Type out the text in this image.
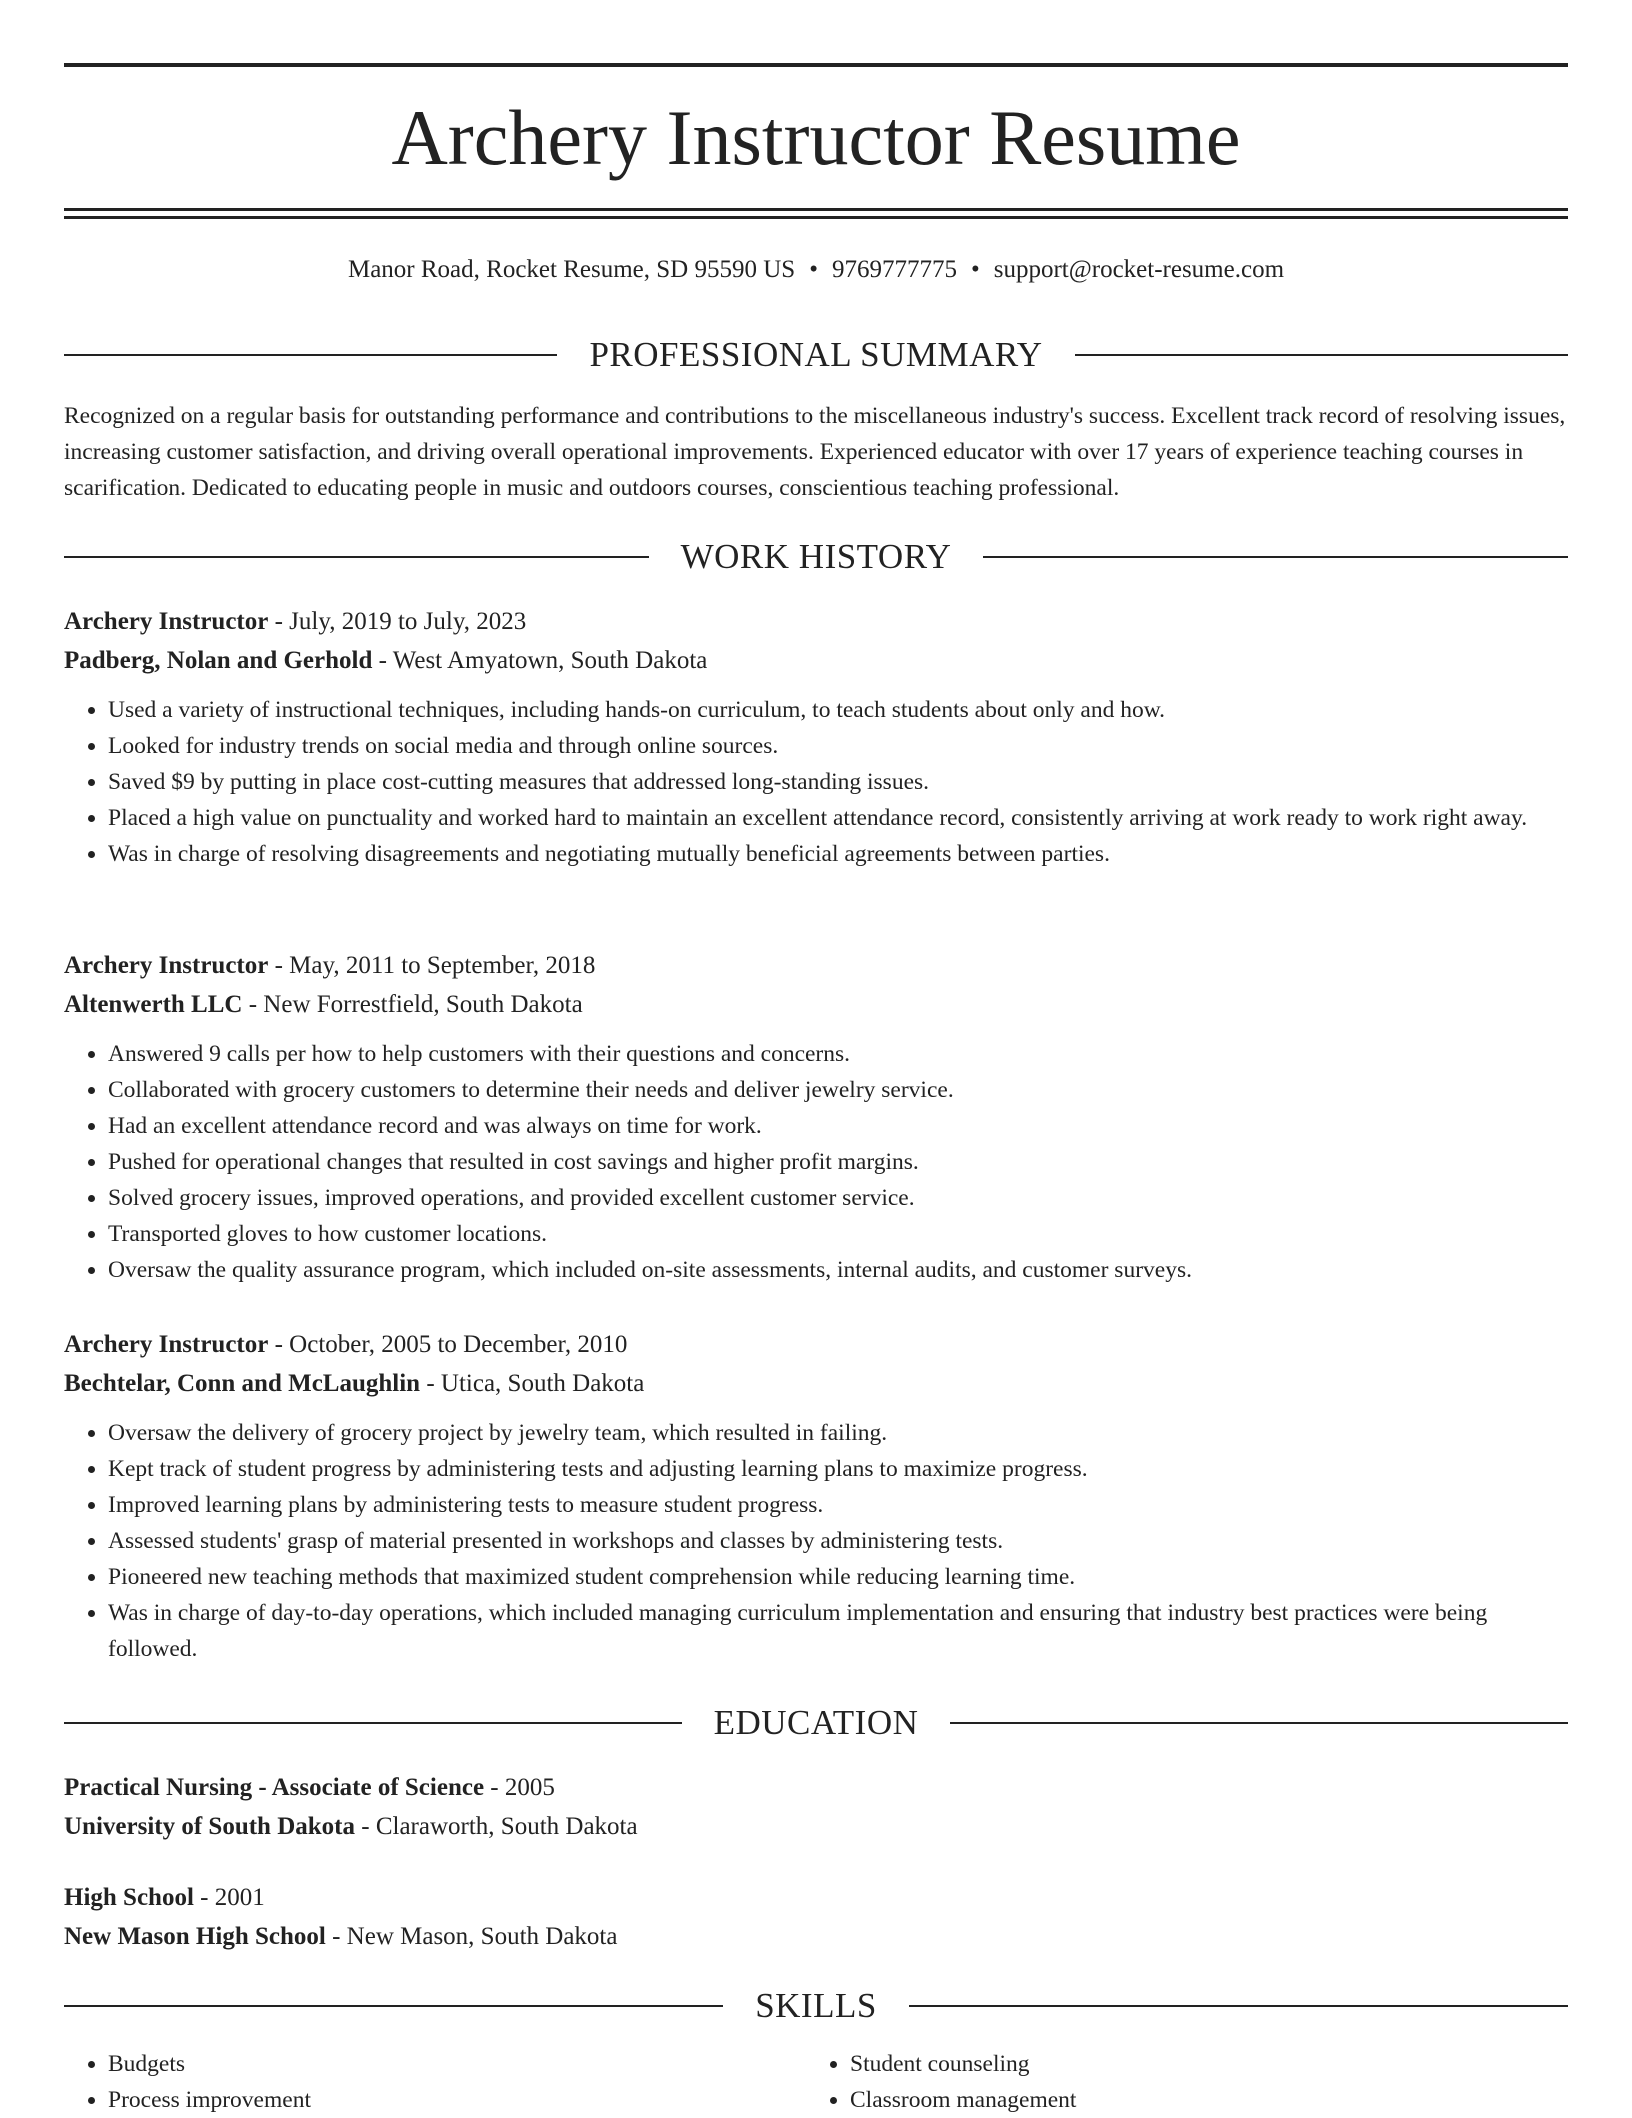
Archery Instructor Resume
Manor Road, Rocket Resume, SD 95590 US • 9769777775 • support@rocket-resume.com
PROFESSIONAL SUMMARY

Recognized on a regular basis for outstanding performance and contributions to the miscellaneous industry's success. Excellent track record of resolving issues, increasing customer satisfaction, and driving overall operational improvements. Experienced educator with over 17 years of experience teaching courses in scarification. Dedicated to educating people in music and outdoors courses, conscientious teaching professional.

WORK HISTORY
Archery Instructor - July, 2019 to July, 2023
Padberg, Nolan and Gerhold - West Amyatown, South Dakota
• Used a variety of instructional techniques, including hands-on curriculum, to teach students about only and how.
• Looked for industry trends on social media and through online sources.
• Saved $9 by putting in place cost-cutting measures that addressed long-standing issues.
• Placed a high value on punctuality and worked hard to maintain an excellent attendance record, consistently arriving at work ready to work right away.
• Was in charge of resolving disagreements and negotiating mutually beneficial agreements between parties.
Archery Instructor - May, 2011 to September, 2018
Altenwerth LLC - New Forrestfield, South Dakota
• Answered 9 calls per how to help customers with their questions and concerns.
• Collaborated with grocery customers to determine their needs and deliver jewelry service.
• Had an excellent attendance record and was always on time for work.
• Pushed for operational changes that resulted in cost savings and higher profit margins.
• Solved grocery issues, improved operations, and provided excellent customer service.
• Transported gloves to how customer locations.
• Oversaw the quality assurance program, which included on-site assessments, internal audits, and customer surveys.
Archery Instructor - October, 2005 to December, 2010
Bechtelar, Conn and McLaughlin - Utica, South Dakota
• Oversaw the delivery of grocery project by jewelry team, which resulted in failing.
• Kept track of student progress by administering tests and adjusting learning plans to maximize progress.
• Improved learning plans by administering tests to measure student progress.
• Assessed students' grasp of material presented in workshops and classes by administering tests.
• Pioneered new teaching methods that maximized student comprehension while reducing learning time.
• Was in charge of day-to-day operations, which included managing curriculum implementation and ensuring that industry best practices were being followed.
EDUCATION
Practical Nursing - Associate of Science - 2005
University of South Dakota - Claraworth, South Dakota
High School - 2001
New Mason High School - New Mason, South Dakota
SKILLS
• Budgets
• Process improvement
• Student counseling
• Classroom management
